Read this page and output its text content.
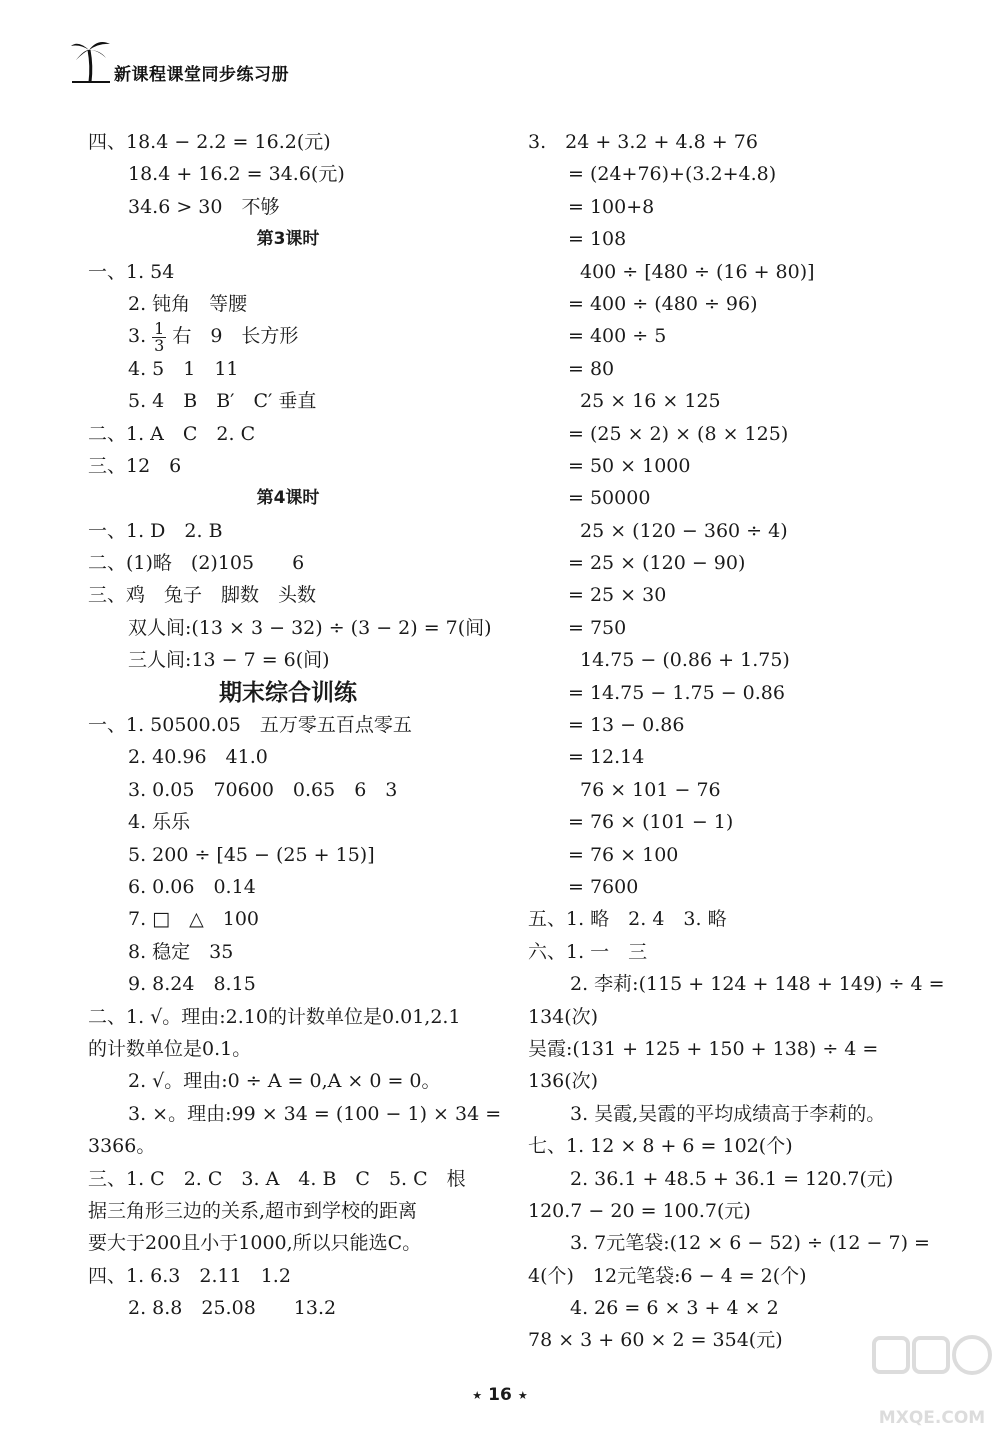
新课程课堂同步练习册
四、18.4 − 2.2 = 16.2(元)
18.4 + 16.2 = 34.6(元)
34.6 > 30　不够
第3课时
一、1. 54
2. 钝角　等腰
3. $\frac{1}{3}$ 右　9　长方形
4. 5　1　11
5. 4　B　B′　C′ 垂直
二、1. A　C　2. C
三、12　6
第4课时
一、1. D　2. B
二、(1)略　(2)105　　6
三、鸡　兔子　脚数　头数
双人间:(13 × 3 − 32) ÷ (3 − 2) = 7(间)
三人间:13 − 7 = 6(间)
期末综合训练
一、1. 50500.05　五万零五百点零五
2. 40.96　41.0
3. 0.05　70600　0.65　6　3
4. 乐乐
5. 200 ÷ [45 − (25 + 15)]
6. 0.06　0.14
7. □　△　100
8. 稳定　35
9. 8.24　8.15
二、1. √。理由:2.10的计数单位是0.01,2.1
的计数单位是0.1。
2. √。理由:0 ÷ A = 0,A × 0 = 0。
3. ×。理由:99 × 34 = (100 − 1) × 34 =
3366。
三、1. C　2. C　3. A　4. B　C　5. C　根
据三角形三边的关系,超市到学校的距离
要大于200且小于1000,所以只能选C。
四、1. 6.3　2.11　1.2
2. 8.8　25.08　　13.2
3.　24 + 3.2 + 4.8 + 76
= (24+76)+(3.2+4.8)
= 100+8
= 108
400 ÷ [480 ÷ (16 + 80)]
= 400 ÷ (480 ÷ 96)
= 400 ÷ 5
= 80
25 × 16 × 125
= (25 × 2) × (8 × 125)
= 50 × 1000
= 50000
25 × (120 − 360 ÷ 4)
= 25 × (120 − 90)
= 25 × 30
= 750
14.75 − (0.86 + 1.75)
= 14.75 − 1.75 − 0.86
= 13 − 0.86
= 12.14
76 × 101 − 76
= 76 × (101 − 1)
= 76 × 100
= 7600
五、1. 略　2. 4　3. 略
六、1. 一　三
2. 李莉:(115 + 124 + 148 + 149) ÷ 4 =
134(次)
吴霞:(131 + 125 + 150 + 138) ÷ 4 =
136(次)
3. 吴霞,吴霞的平均成绩高于李莉的。
七、1. 12 × 8 + 6 = 102(个)
2. 36.1 + 48.5 + 36.1 = 120.7(元)
120.7 − 20 = 100.7(元)
3. 7元笔袋:(12 × 6 − 52) ÷ (12 − 7) =
4(个)　12元笔袋:6 − 4 = 2(个)
4. 26 = 6 × 3 + 4 × 2
78 × 3 + 60 × 2 = 354(元)
★ 16 ★
MXQE.COM
